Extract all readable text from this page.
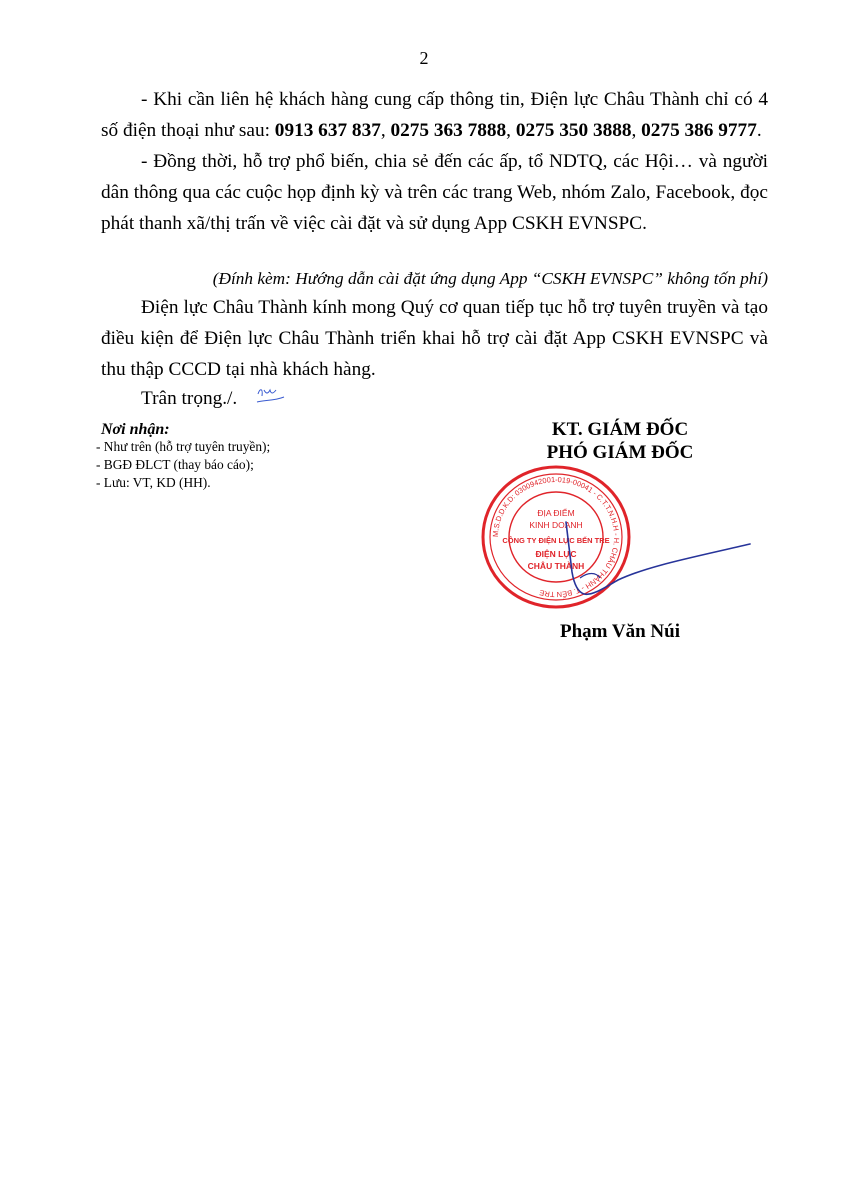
2

- Khi cần liên hệ khách hàng cung cấp thông tin, Điện lực Châu Thành chỉ có 4 số điện thoại như sau: 0913 637 837, 0275 363 7888, 0275 350 3888, 0275 386 9777.

- Đồng thời, hỗ trợ phổ biến, chia sẻ đến các ấp, tổ NDTQ, các Hội… và người dân thông qua các cuộc họp định kỳ và trên các trang Web, nhóm Zalo, Facebook, đọc phát thanh xã/thị trấn về việc cài đặt và sử dụng App CSKH EVNSPC.

(Đính kèm: Hướng dẫn cài đặt ứng dụng App “CSKH EVNSPC” không tốn phí)

Điện lực Châu Thành kính mong Quý cơ quan tiếp tục hỗ trợ tuyên truyền và tạo điều kiện để Điện lực Châu Thành triển khai hỗ trợ cài đặt App CSKH EVNSPC và thu thập CCCD tại nhà khách hàng.

Trân trọng./.
Nơi nhận:
- Như trên (hỗ trợ tuyên truyền);
- BGĐ ĐLCT (thay báo cáo);
- Lưu: VT, KD (HH).
KT. GIÁM ĐỐC
PHÓ GIÁM ĐỐC
M.S.D.D.K.D: 0300942001-019-00041 - C.T.T.N.H.H - H. CHÂU THÀNH - T. BẾN TRE
ĐỊA ĐIỂM
KINH DOANH
CÔNG TY ĐIỆN LỰC BẾN TRE
ĐIỆN LỰC
CHÂU THÀNH
Phạm Văn Núi
